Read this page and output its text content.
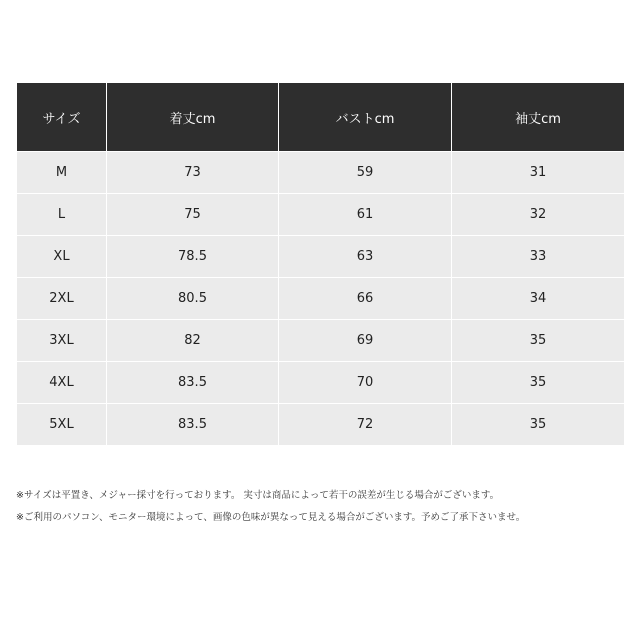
サイズ	着丈cm	バストcm	袖丈cm
M	73	59	31
L	75	61	32
XL	78.5	63	33
2XL	80.5	66	34
3XL	82	69	35
4XL	83.5	70	35
5XL	83.5	72	35
※サイズは平置き、メジャー採寸を行っております。 実寸は商品によって若干の誤差が生じる場合がございます。
※ご利用のパソコン、モニター環境によって、画像の色味が異なって見える場合がございます。予めご了承下さいませ。
